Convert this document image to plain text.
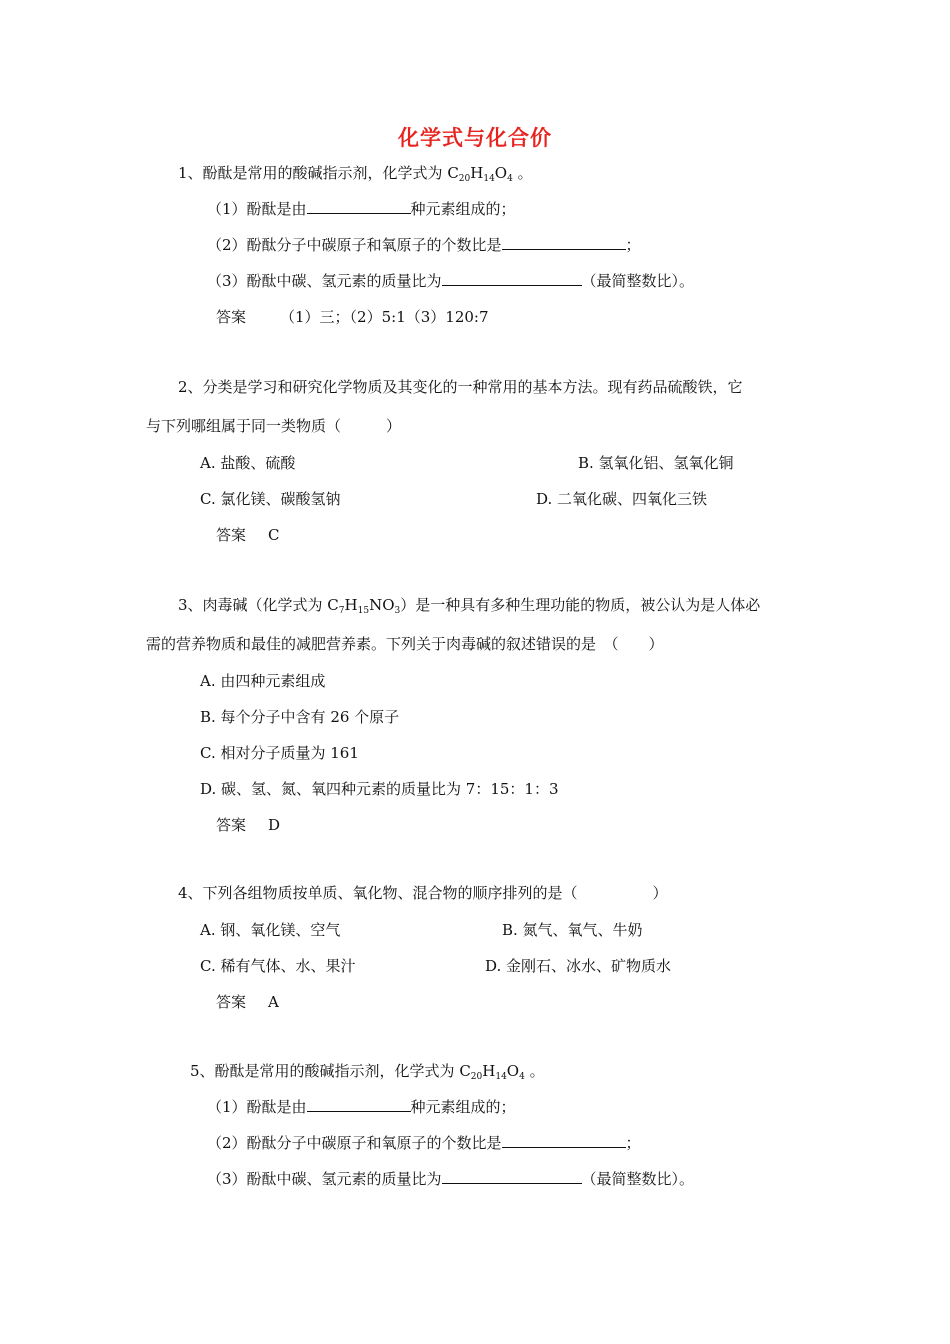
化学式与化合价
1、酚酞是常用的酸碱指示剂，化学式为 $C_{20}H_{14}O_4$ 。
（1）酚酞是由	种元素组成的；
（2）酚酞分子中碳原子和氧原子的个数比是	；
（3）酚酞中碳、氢元素的质量比为	（最简整数比）。
答案 （1）三；（2）5:1（3）120:7
2、分类是学习和研究化学物质及其变化的一种常用的基本方法。现有药品硫酸铁，它
与下列哪组属于同一类物质（　　　）
A. 盐酸、硫酸	B. 氢氧化铝、氢氧化铜
C. 氯化镁、碳酸氢钠	D. 二氧化碳、四氧化三铁
答案 C
3、肉毒碱（化学式为 $C_7H_{15}NO_3$）是一种具有多种生理功能的物质，被公认为是人体必
需的营养物质和最佳的减肥营养素。下列关于肉毒碱的叙述错误的是　（　　）
A. 由四种元素组成
B. 每个分子中含有 26 个原子
C. 相对分子质量为 161
D. 碳、氢、氮、氧四种元素的质量比为 7：15：1：3
答案 D
4、下列各组物质按单质、氧化物、混合物的顺序排列的是（　　　　　）
A. 钢、氧化镁、空气	B. 氮气、氧气、牛奶
C. 稀有气体、水、果汁	D. 金刚石、冰水、矿物质水
答案 A
5、酚酞是常用的酸碱指示剂，化学式为 $C_{20}H_{14}O_4$ 。
（1）酚酞是由	种元素组成的；
（2）酚酞分子中碳原子和氧原子的个数比是	；
（3）酚酞中碳、氢元素的质量比为	（最简整数比）。
